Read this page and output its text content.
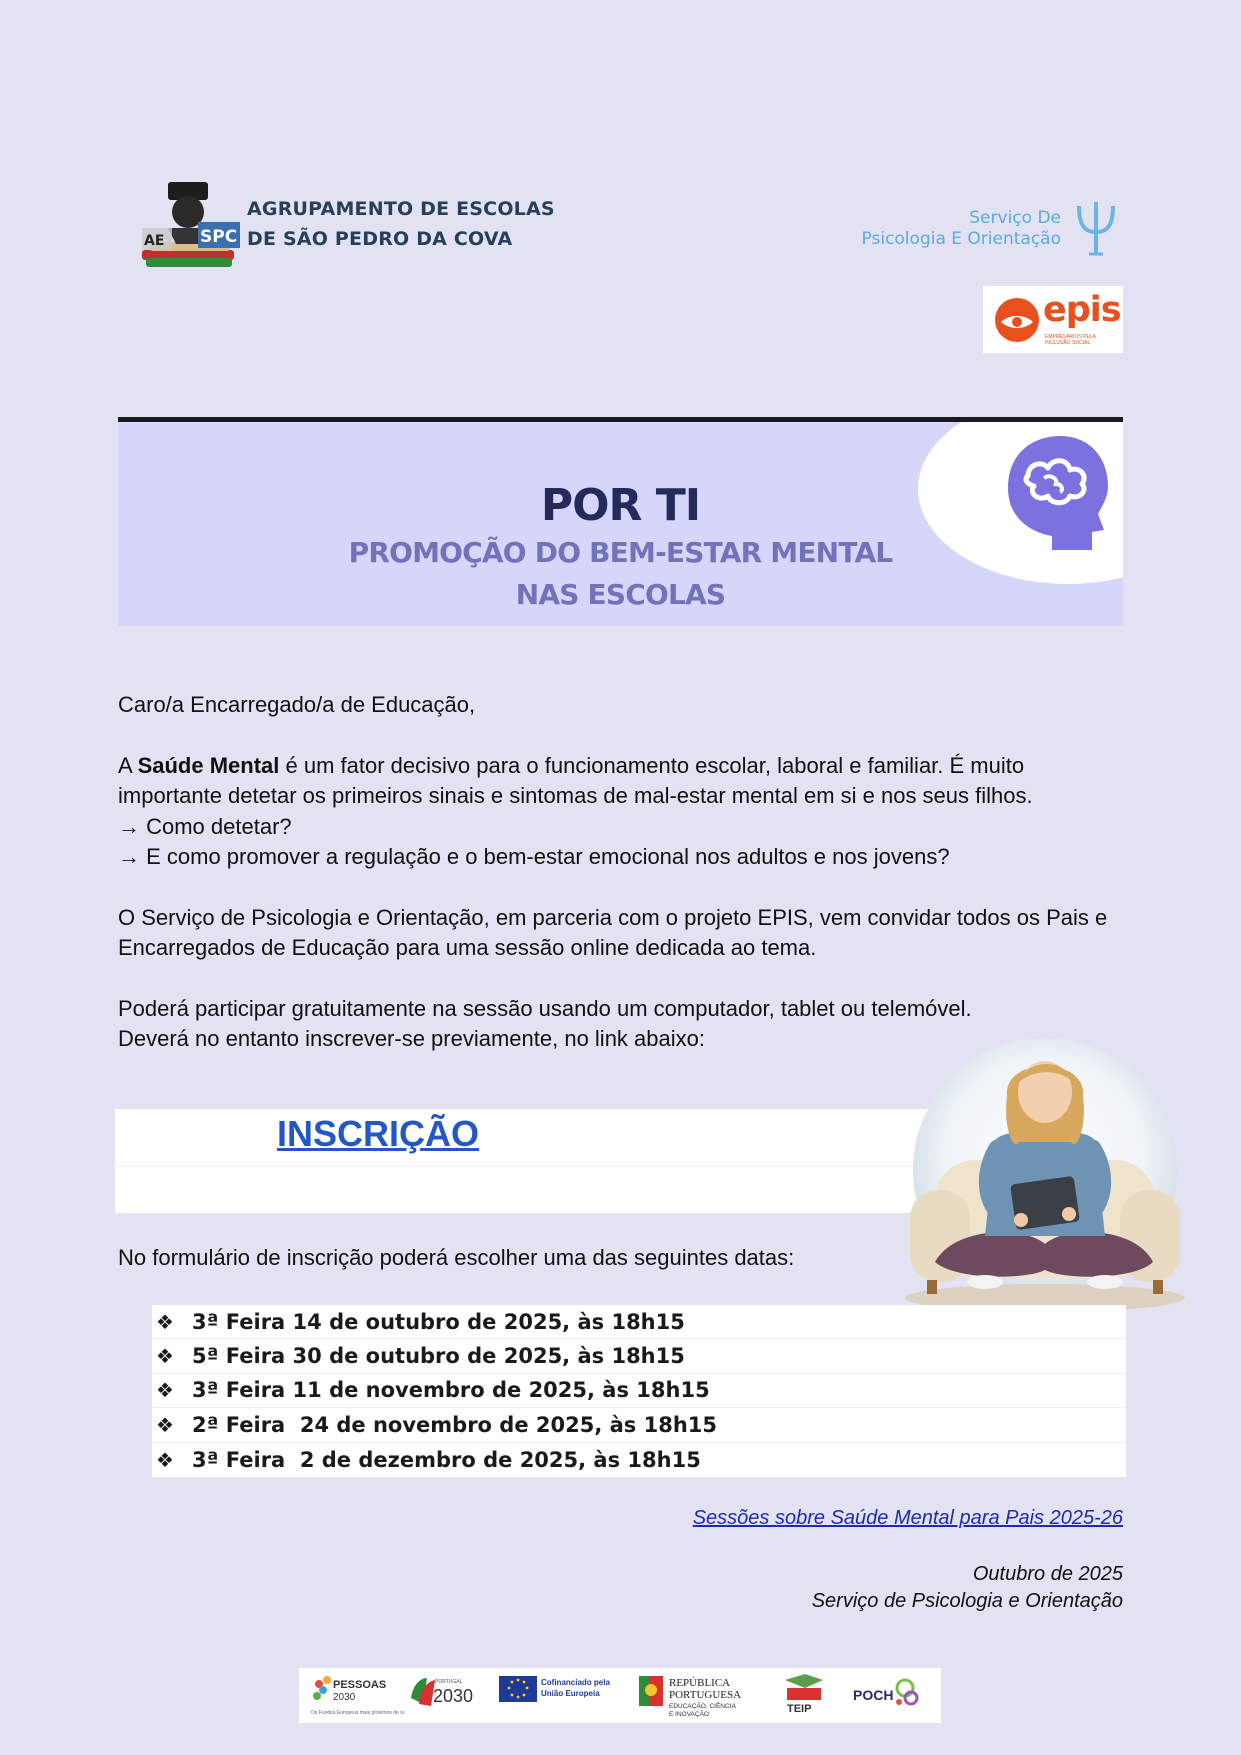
AE SPC
AGRUPAMENTO DE ESCOLAS
DE SÃO PEDRO DA COVA
Serviço De
Psicologia E Orientação
epis
EMPRESÁRIOS PELA INCLUSÃO SOCIAL
POR TI
PROMOÇÃO DO BEM-ESTAR MENTAL
NAS ESCOLAS
Caro/a Encarregado/a de Educação,
A Saúde Mental é um fator decisivo para o funcionamento escolar, laboral e familiar. É muito importante detetar os primeiros sinais e sintomas de mal-estar mental em si e nos seus filhos.
→ Como detetar?
→ E como promover a regulação e o bem-estar emocional nos adultos e nos jovens?
O Serviço de Psicologia e Orientação, em parceria com o projeto EPIS, vem convidar todos os Pais e Encarregados de Educação para uma sessão online dedicada ao tema.
Poderá participar gratuitamente na sessão usando um computador, tablet ou telemóvel.
Deverá no entanto inscrever-se previamente, no link abaixo:
INSCRIÇÃO
No formulário de inscrição poderá escolher uma das seguintes datas:
❖ 3ª Feira 14 de outubro de 2025, às 18h15
❖ 5ª Feira 30 de outubro de 2025, às 18h15
❖ 3ª Feira 11 de novembro de 2025, às 18h15
❖ 2ª Feira  24 de novembro de 2025, às 18h15
❖ 3ª Feira  2 de dezembro de 2025, às 18h15
Sessões sobre Saúde Mental para Pais 2025-26
Outubro de 2025
Serviço de Psicologia e Orientação
PESSOAS
2030
Os Fundos Europeus mais próximos de si.
PORTUGAL
2030
Cofinanciado pela
União Europeia
REPÚBLICA
PORTUGUESA
EDUCAÇÃO, CIÊNCIA
E INOVAÇÃO	TEIP
POCH
